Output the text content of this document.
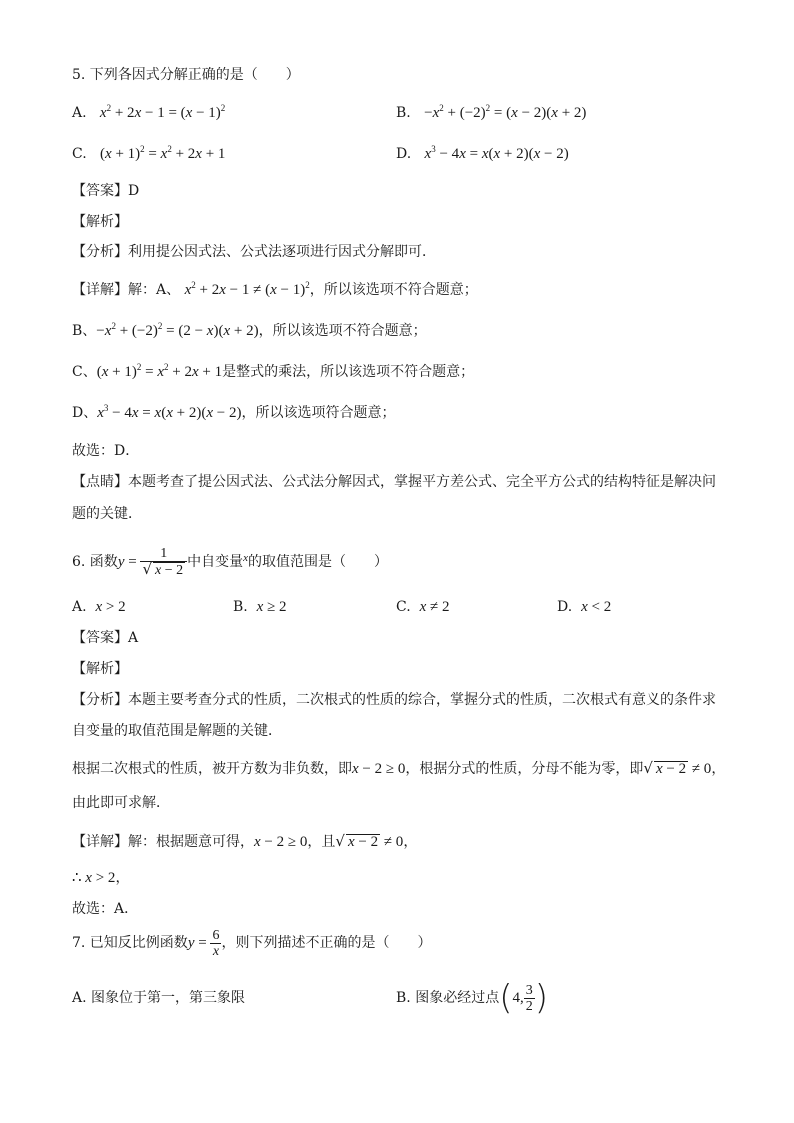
5. 下列各因式分解正确的是（　　）
A. $x^2 + 2x - 1 = (x - 1)^2$	B. $-x^2 + (-2)^2 = (x - 2)(x + 2)$
C. $(x + 1)^2 = x^2 + 2x + 1$	D. $x^3 - 4x = x(x + 2)(x - 2)$
【答案】D
【解析】
【分析】利用提公因式法、公式法逐项进行因式分解即可．
【详解】解：A、 $x^2 + 2x - 1 \ne (x - 1)^2$，所以该选项不符合题意；
B、$-x^2 + (-2)^2 = (2 - x)(x + 2)$，所以该选项不符合题意；
C、$(x + 1)^2 = x^2 + 2x + 1$是整式的乘法，所以该选项不符合题意；
D、$x^3 - 4x = x(x + 2)(x - 2)$，所以该选项符合题意；
故选：D．
【点睛】本题考查了提公因式法、公式法分解因式，掌握平方差公式、完全平方公式的结构特征是解决问
题的关键．
6. 函数$y = \frac{1}{√ x - 2}$ 中自变量$^x$的取值范围是（　　）
A. x > 2	B. x ≥ 2	C. x ≠ 2	D. x < 2
【答案】A
【解析】
【分析】本题主要考查分式的性质，二次根式的性质的综合，掌握分式的性质，二次根式有意义的条件求
自变量的取值范围是解题的关键．
根据二次根式的性质，被开方数为非负数，即x − 2 ≥ 0，根据分式的性质，分母不能为零，即√ x − 2 ≠ 0，
由此即可求解．
【详解】解：根据题意可得，x − 2 ≥ 0，且√ x − 2 ≠ 0，
∴ x > 2，
故选：A．
7. 已知反比例函数$y = \frac{6}{x}$ ，则下列描述不正确的是（　　）
A. 图象位于第一，第三象限	B. 图象必经过点(4, $\frac{3}{2}$ )
